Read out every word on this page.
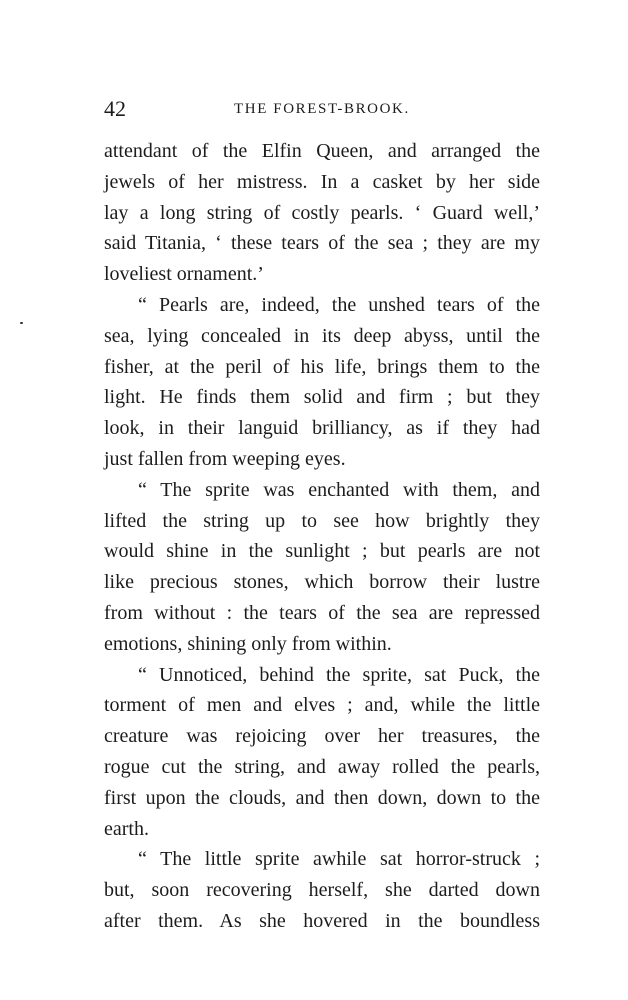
42	THE FOREST-BROOK.
attendant of the Elfin Queen, and arranged the
jewels of her mistress. In a casket by her side
lay a long string of costly pearls. ‘ Guard well,’
said Titania, ‘ these tears of the sea ; they are my
loveliest ornament.’
“ Pearls are, indeed, the unshed tears of the
sea, lying concealed in its deep abyss, until the
fisher, at the peril of his life, brings them to the
light. He finds them solid and firm ; but they
look, in their languid brilliancy, as if they had
just fallen from weeping eyes.
“ The sprite was enchanted with them, and
lifted the string up to see how brightly they
would shine in the sunlight ; but pearls are not
like precious stones, which borrow their lustre
from without : the tears of the sea are repressed
emotions, shining only from within.
“ Unnoticed, behind the sprite, sat Puck, the
torment of men and elves ; and, while the little
creature was rejoicing over her treasures, the
rogue cut the string, and away rolled the pearls,
first upon the clouds, and then down, down to the
earth.
“ The little sprite awhile sat horror-struck ;
but, soon recovering herself, she darted down
after them. As she hovered in the boundless
